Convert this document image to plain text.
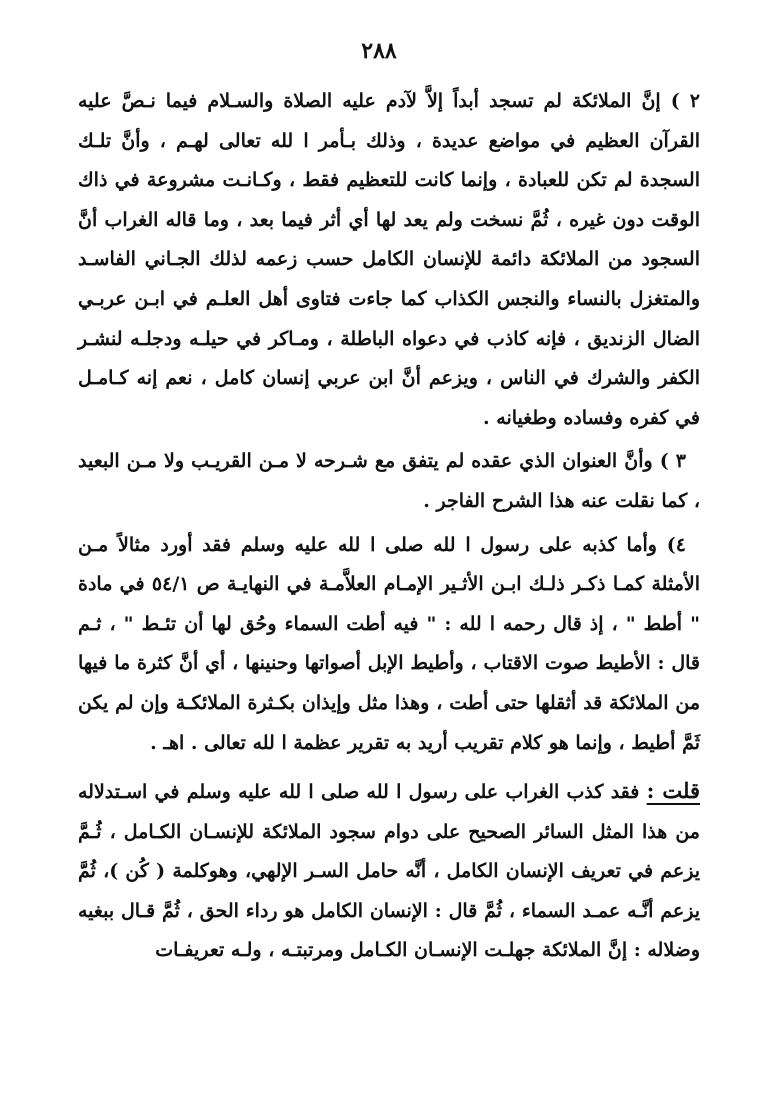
٢٨٨

٢ ) إنَّ الملائكة لم تسجد أبداً إلاَّ لآدم عليه الصلاة والسـلام فيما نـصَّ عليه القرآن العظيم في مواضع عديدة ، وذلك بـأمر ا لله تعالى لهـم ، وأنَّ تلـك السجدة لم تكن للعبادة ، وإنما كانت للتعظيم فقط ، وكـانـت مشروعة في ذاك الوقت دون غيره ، ثُمَّ نسخت ولم يعد لها أي أثر فيما بعد ، وما قاله الغراب أنَّ السجود من الملائكة دائمة للإنسان الكامل حسب زعمه لذلك الجـاني الفاسـد والمتغزل بالنساء والنجس الكذاب كما جاءت فتاوى أهل العلـم في ابـن عربـي الضال الزنديق ، فإنه كاذب في دعواه الباطلة ، ومـاكر في حيلـه ودجلـه لنشـر الكفر والشرك في الناس ، ويزعم أنَّ ابن عربي إنسان كامل ، نعم إنه كـامـل في كفره وفساده وطغيانه .

٣ ) وأنَّ العنوان الذي عقده لم يتفق مع شـرحه لا مـن القريـب ولا مـن البعيد ، كما نقلت عنه هذا الشرح الفاجر .

٤) وأما كذبه على رسول ا لله صلى ا لله عليه وسلم فقد أورد مثالاً مـن الأمثلة كمـا ذكـر ذلـك ابـن الأثـير الإمـام العلاَّمـة في النهايـة ص ٥٤/١ في مادة " أطط " ، إذ قال رحمه ا لله : " فيه أطت السماء وحُق لها أن تئـط " ، ثـم قال : الأطيط صوت الاقتاب ، وأطيط الإبل أصواتها وحنينها ، أي أنَّ كثرة ما فيها من الملائكة قد أثقلها حتى أطت ، وهذا مثل وإيذان بكـثرة الملائكـة وإن لم يكن ثَمَّ أطيط ، وإنما هو كلام تقريب أريد به تقرير عظمة ا لله تعالى . اهـ .

قلت : فقد كذب الغراب على رسول ا لله صلى ا لله عليه وسلم في اسـتدلاله من هذا المثل السائر الصحيح على دوام سجود الملائكة للإنسـان الكـامل ، ثُـمَّ يزعم في تعريف الإنسان الكامل ، أنَّه حامل السـر الإلهي، وهوكلمة ( كُن )، ثُمَّ يزعم أنَّـه عمـد السماء ، ثُمَّ قال : الإنسان الكامل هو رداء الحق ، ثُمَّ قـال ببغيه وضلاله : إنَّ الملائكة جهلـت الإنسـان الكـامل ومرتبتـه ، ولـه تعريفـات
